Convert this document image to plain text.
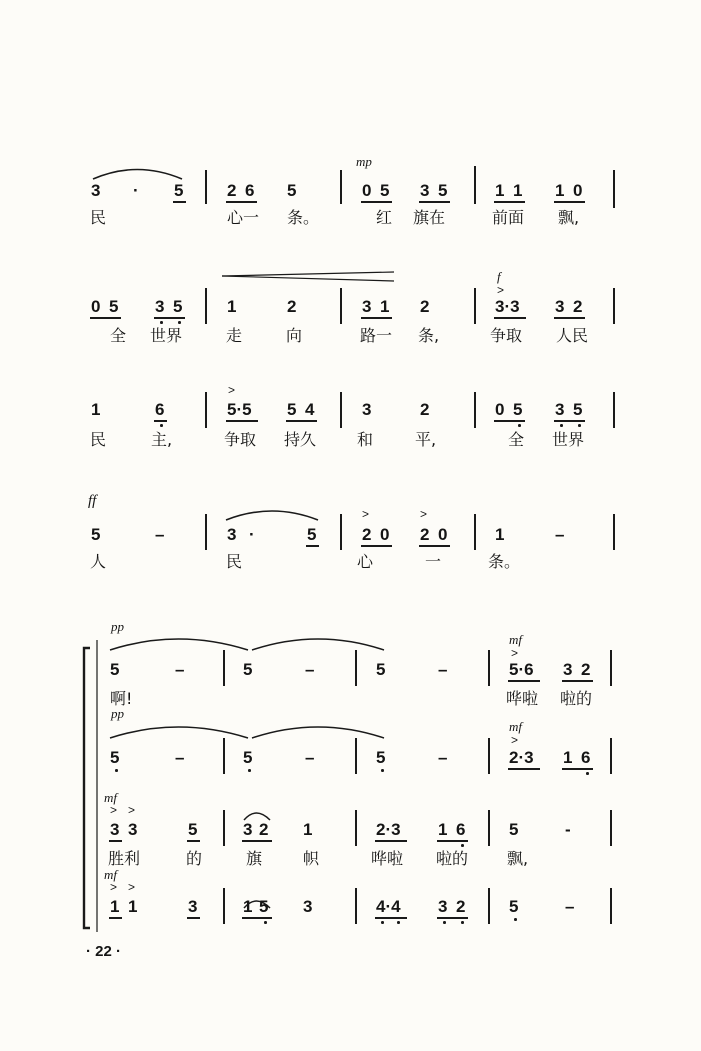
mp
3 · 5	2 6 5	0 5 3 5	1 1 1 0
民	心一 条。	红 旗在	前面 飘,
f
>
0 5 3 5	1	2	3 1 2	3·3 3 2
全 世界	走	向	路一 条,	争取 人民
>
1	6	5·5 5 4	3	2	0 5 3 5
民	主,	争取 持久	和	平,	全 世界
ff
>	>
5	–	3 ·	5	2 0 2 0	1	–
人	民	心	一	条。
pp
mf
>
5	–	5	–	5	–	5·6 3 2
啊!	哗啦 啦的
pp
mf
>
5	–	5	–	5	–	2·3 1 6
mf
> >
3 3	5	3 2 1	2·3 1 6	5	-
胜利	的	旗	帜	哗啦 啦的 飘,
mf
> >
1 1	3	1 5 3	4·4 3 2	5	–
· 22 ·
